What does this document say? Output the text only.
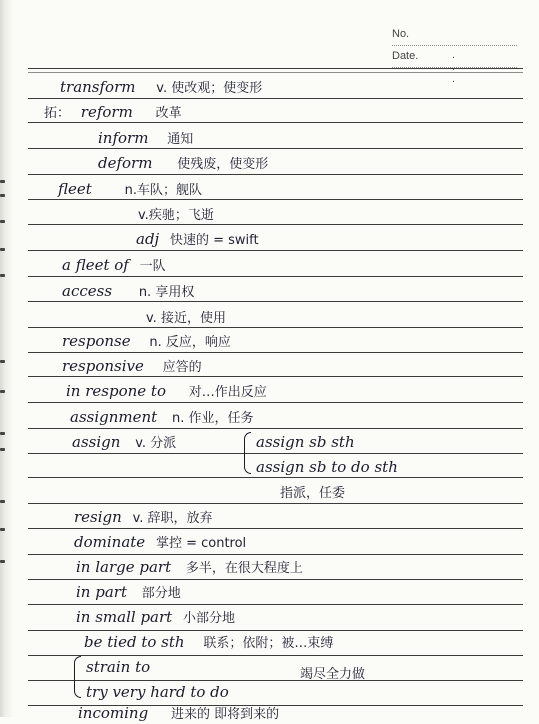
No.
Date.	. . .
transform v. 使改观；使变形
拓： reform 改革
inform 通知
deform 使残废，使变形
fleet	n.车队；舰队
v.疾驰；飞逝
adj 快速的 = swift
a fleet of 一队
access n. 享用权
v. 接近，使用
response n. 反应，响应
responsive 应答的
in respone to 对…作出反应
assignment n. 作业，任务
assign v. 分派	assign sb sth
assign sb to do sth
指派，任委
resign v. 辞职，放弃
dominate 掌控 = control
in large part 多半，在很大程度上
in part 部分地
in small part 小部分地
be tied to sth 联系；依附；被…束缚
strain to
try very hard to do
竭尽全力做
incoming 进来的 即将到来的
